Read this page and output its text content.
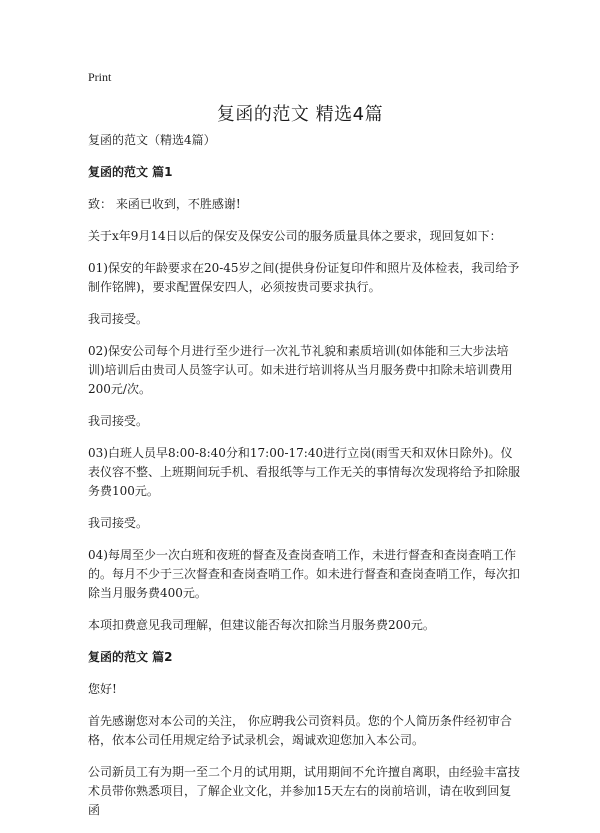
Print
复函的范文 精选4篇

复函的范文（精选4篇）

复函的范文 篇1

致： 来函已收到，不胜感谢!

关于x年9月14日以后的保安及保安公司的服务质量具体之要求，现回复如下：

01)保安的年龄要求在20-45岁之间(提供身份证复印件和照片及体检表，我司给予制作铭牌)，要求配置保安四人，必须按贵司要求执行。

我司接受。

02)保安公司每个月进行至少进行一次礼节礼貌和素质培训(如体能和三大步法培训)培训后由贵司人员签字认可。如未进行培训将从当月服务费中扣除未培训费用200元/次。

我司接受。

03)白班人员早8:00-8:40分和17:00-17:40进行立岗(雨雪天和双休日除外)。仪表仪容不整、上班期间玩手机、看报纸等与工作无关的事情每次发现将给予扣除服务费100元。

我司接受。

04)每周至少一次白班和夜班的督查及查岗查哨工作，未进行督查和查岗查哨工作的。每月不少于三次督查和查岗查哨工作。如未进行督查和查岗查哨工作，每次扣除当月服务费400元。

本项扣费意见我司理解，但建议能否每次扣除当月服务费200元。

复函的范文 篇2

您好!

首先感谢您对本公司的关注， 你应聘我公司资料员。您的个人简历条件经初审合格，依本公司任用规定给予试录机会，竭诚欢迎您加入本公司。

公司新员工有为期一至二个月的试用期，试用期间不允许擅自离职，由经验丰富技术员带你熟悉项目，了解企业文化，并参加15天左右的岗前培训，请在收到回复函
